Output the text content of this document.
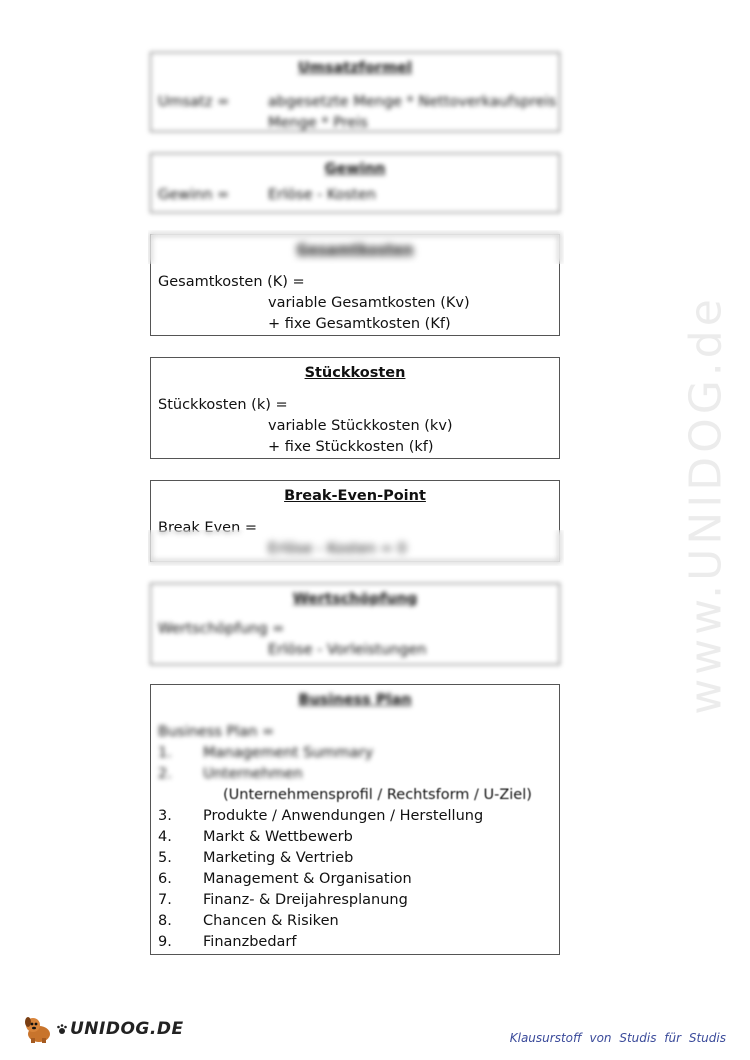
Umsatzformel
Umsatz =	abgesetzte Menge * Nettoverkaufspreis
Menge * Preis
Gewinn
Gewinn =	Erlöse - Kosten
Gesamtkosten
Gesamtkosten (K) =
variable Gesamtkosten (Kv)
+ fixe Gesamtkosten (Kf)
Stückkosten
Stückkosten (k) =
variable Stückkosten (kv)
+ fixe Stückkosten (kf)
Break-Even-Point
Break Even =
Erlöse - Kosten = 0
Wertschöpfung
Wertschöpfung =
Erlöse - Vorleistungen
Business Plan
Business Plan =
1. Management Summary
2. Unternehmen
(Unternehmensprofil / Rechtsform / U-Ziel)
3. Produkte / Anwendungen / Herstellung
4. Markt & Wettbewerb
5. Marketing & Vertrieb
6. Management & Organisation
7. Finanz- & Dreijahresplanung
8. Chancen & Risiken
9. Finanzbedarf
www.UNIDOG.de
UNIDOG.DE	Klausurstoff von Studis für Studis
